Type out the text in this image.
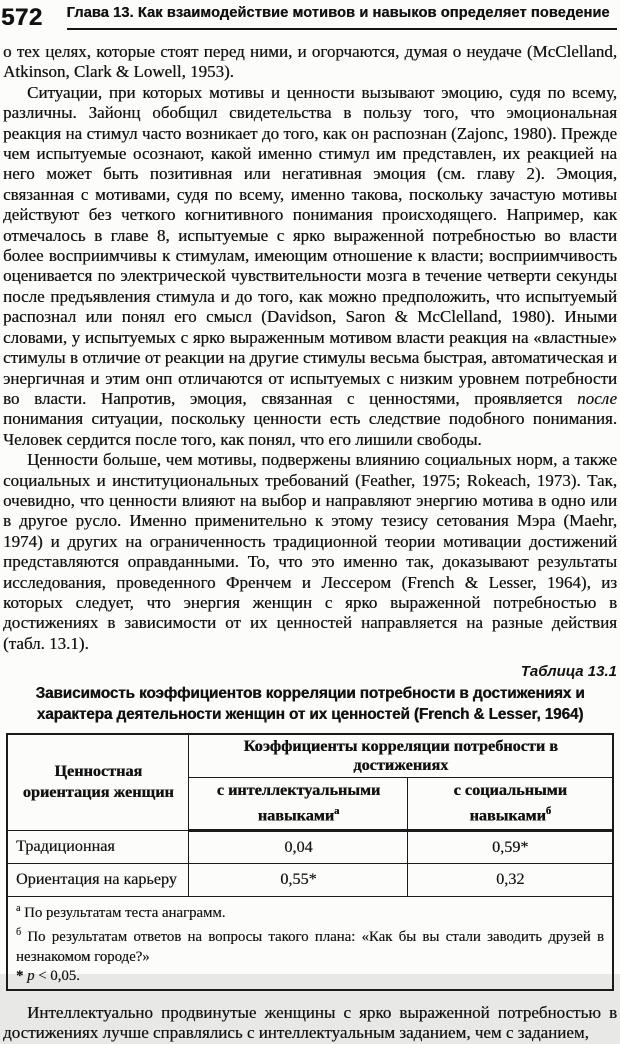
572 Глава 13. Как взаимодействие мотивов и навыков определяет поведение

о тех целях, которые стоят перед ними, и огорчаются, думая о неудаче (McClelland, Atkinson, Clark & Lowell, 1953).

Ситуации, при которых мотивы и ценности вызывают эмоцию, судя по всему, различны. Зайонц обобщил свидетельства в пользу того, что эмоциональная реакция на стимул часто возникает до того, как он распознан (Zajonc, 1980). Прежде чем испытуемые осознают, какой именно стимул им представлен, их реакцией на него может быть позитивная или негативная эмоция (см. главу 2). Эмоция, связанная с мотивами, судя по всему, именно такова, поскольку зачастую мотивы действуют без четкого когнитивного понимания происходящего. Например, как отмечалось в главе 8, испытуемые с ярко выраженной потребностью во власти более восприимчивы к стимулам, имеющим отношение к власти; восприимчивость оценивается по электрической чувствительности мозга в течение четверти секунды после предъявления стимула и до того, как можно предположить, что испытуемый распознал или понял его смысл (Davidson, Saron & McClelland, 1980). Иными словами, у испытуемых с ярко выраженным мотивом власти реакция на «властные» стимулы в отличие от реакции на другие стимулы весьма быстрая, автоматическая и энергичная и этим онп отличаются от испытуемых с низким уровнем потребности во власти. Напротив, эмоция, связанная с ценностями, проявляется после понимания ситуации, поскольку ценности есть следствие подобного понимания. Человек сердится после того, как понял, что его лишили свободы.

Ценности больше, чем мотивы, подвержены влиянию социальных норм, а также социальных и институциональных требований (Feather, 1975; Rokeach, 1973). Так, очевидно, что ценности влияют на выбор и направляют энергию мотива в одно или в другое русло. Именно применительно к этому тезису сетования Мэра (Maehr, 1974) и других на ограниченность традиционной теории мотивации достижений представляются оправданными. То, что это именно так, доказывают результаты исследования, проведенного Френчем и Лессером (French & Lesser, 1964), из которых следует, что энергия женщин с ярко выраженной потребностью в достижениях в зависимости от их ценностей направляется на разные действия (табл. 13.1).

Таблица 13.1
Зависимость коэффициентов корреляции потребности в достижениях и характера деятельности женщин от их ценностей (French & Lesser, 1964)
Ценностная ориентация женщин	Коэффициенты корреляции потребности в достижениях	
	с интеллектуальными навыками$^а$	с социальными навыками$^б$
Традиционная	0,04	0,59*
Ориентация на карьеру	0,55*	0,32

$^а$ По результатам теста анаграмм.
$^б$ По результатам ответов на вопросы такого плана: «Как бы вы стали заводить друзей в незнакомом городе?»
* p < 0,05.		

Интеллектуально продвинутые женщины с ярко выраженной потребностью в достижениях лучше справлялись с интеллектуальным заданием, чем с заданием,
